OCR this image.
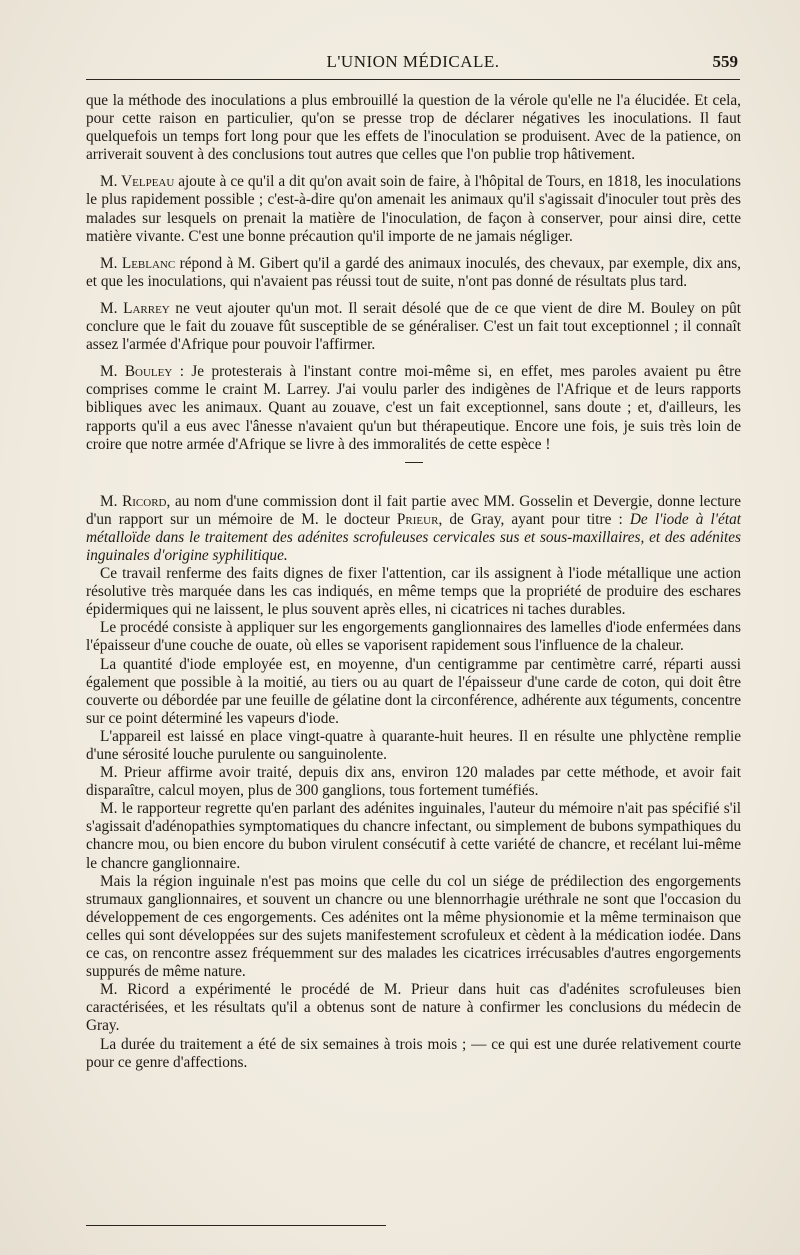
L'UNION MÉDICALE.	559

que la méthode des inoculations a plus embrouillé la question de la vérole qu'elle ne l'a élucidée. Et cela, pour cette raison en particulier, qu'on se presse trop de déclarer négatives les inoculations. Il faut quelquefois un temps fort long pour que les effets de l'inoculation se produisent. Avec de la patience, on arriverait souvent à des conclusions tout autres que celles que l'on publie trop hâtivement.

M. Velpeau ajoute à ce qu'il a dit qu'on avait soin de faire, à l'hôpital de Tours, en 1818, les inoculations le plus rapidement possible ; c'est-à-dire qu'on amenait les animaux qu'il s'agissait d'inoculer tout près des malades sur lesquels on prenait la matière de l'inoculation, de façon à conserver, pour ainsi dire, cette matière vivante. C'est une bonne précaution qu'il importe de ne jamais négliger.

M. Leblanc répond à M. Gibert qu'il a gardé des animaux inoculés, des chevaux, par exemple, dix ans, et que les inoculations, qui n'avaient pas réussi tout de suite, n'ont pas donné de résultats plus tard.

M. Larrey ne veut ajouter qu'un mot. Il serait désolé que de ce que vient de dire M. Bouley on pût conclure que le fait du zouave fût susceptible de se généraliser. C'est un fait tout exceptionnel ; il connaît assez l'armée d'Afrique pour pouvoir l'affirmer.

M. Bouley : Je protesterais à l'instant contre moi-même si, en effet, mes paroles avaient pu être comprises comme le craint M. Larrey. J'ai voulu parler des indigènes de l'Afrique et de leurs rapports bibliques avec les animaux. Quant au zouave, c'est un fait exceptionnel, sans doute ; et, d'ailleurs, les rapports qu'il a eus avec l'ânesse n'avaient qu'un but thérapeutique. Encore une fois, je suis très loin de croire que notre armée d'Afrique se livre à des immoralités de cette espèce !

M. Ricord, au nom d'une commission dont il fait partie avec MM. Gosselin et Devergie, donne lecture d'un rapport sur un mémoire de M. le docteur Prieur, de Gray, ayant pour titre : De l'iode à l'état métalloïde dans le traitement des adénites scrofuleuses cervicales sus et sous-maxillaires, et des adénites inguinales d'origine syphilitique.

Ce travail renferme des faits dignes de fixer l'attention, car ils assignent à l'iode métallique une action résolutive très marquée dans les cas indiqués, en même temps que la propriété de produire des eschares épidermiques qui ne laissent, le plus souvent après elles, ni cicatrices ni taches durables.

Le procédé consiste à appliquer sur les engorgements ganglionnaires des lamelles d'iode enfermées dans l'épaisseur d'une couche de ouate, où elles se vaporisent rapidement sous l'influence de la chaleur.

La quantité d'iode employée est, en moyenne, d'un centigramme par centimètre carré, réparti aussi également que possible à la moitié, au tiers ou au quart de l'épaisseur d'une carde de coton, qui doit être couverte ou débordée par une feuille de gélatine dont la circonférence, adhérente aux téguments, concentre sur ce point déterminé les vapeurs d'iode.

L'appareil est laissé en place vingt-quatre à quarante-huit heures. Il en résulte une phlyctène remplie d'une sérosité louche purulente ou sanguinolente.

M. Prieur affirme avoir traité, depuis dix ans, environ 120 malades par cette méthode, et avoir fait disparaître, calcul moyen, plus de 300 ganglions, tous fortement tuméfiés.

M. le rapporteur regrette qu'en parlant des adénites inguinales, l'auteur du mémoire n'ait pas spécifié s'il s'agissait d'adénopathies symptomatiques du chancre infectant, ou simplement de bubons sympathiques du chancre mou, ou bien encore du bubon virulent consécutif à cette variété de chancre, et recélant lui-même le chancre ganglionnaire.

Mais la région inguinale n'est pas moins que celle du col un siége de prédilection des engorgements strumaux ganglionnaires, et souvent un chancre ou une blennorrhagie uréthrale ne sont que l'occasion du développement de ces engorgements. Ces adénites ont la même physionomie et la même terminaison que celles qui sont développées sur des sujets manifestement scrofuleux et cèdent à la médication iodée. Dans ce cas, on rencontre assez fréquemment sur des malades les cicatrices irrécusables d'autres engorgements suppurés de même nature.

M. Ricord a expérimenté le procédé de M. Prieur dans huit cas d'adénites scrofuleuses bien caractérisées, et les résultats qu'il a obtenus sont de nature à confirmer les conclusions du médecin de Gray.

La durée du traitement a été de six semaines à trois mois ; — ce qui est une durée relativement courte pour ce genre d'affections.
